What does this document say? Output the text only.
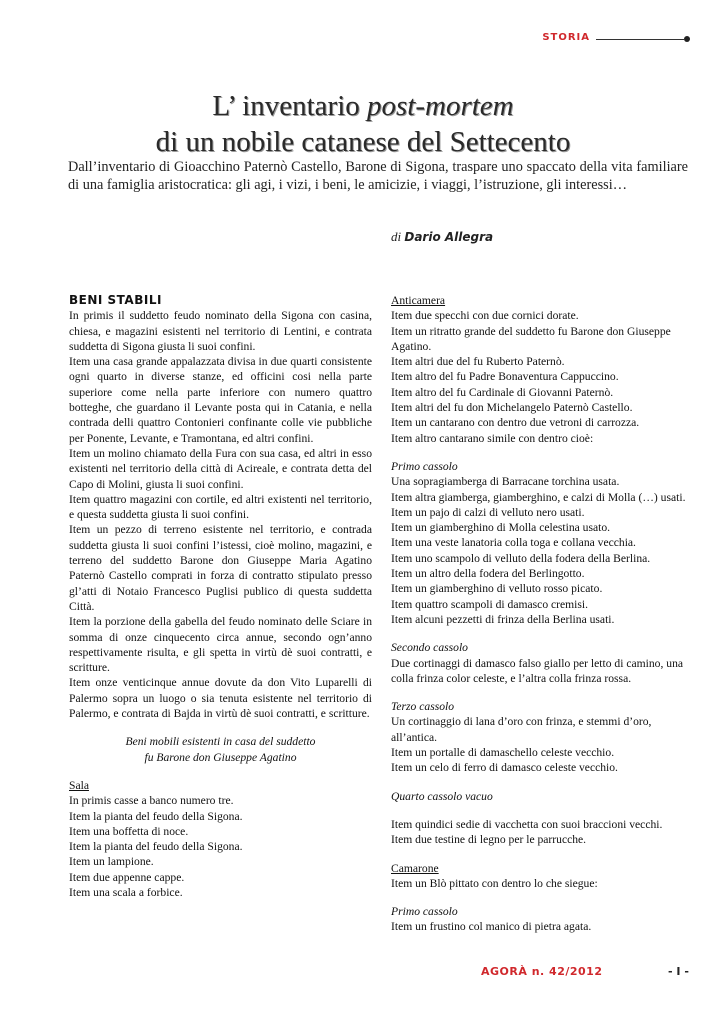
STORIA
L’ inventario post-mortem
di un nobile catanese del Settecento

Dall’inventario di Gioacchino Paternò Castello, Barone di Sigona, traspare uno spaccato della vita familiare di una famiglia aristocratica: gli agi, i vizi, i beni, le amicizie, i viaggi, l’istruzione, gli interessi…

di Dario Allegra

BENI STABILI

In primis il suddetto feudo nominato della Sigona con casina, chiesa, e magazini esistenti nel territorio di Lentini, e contrata suddetta di Sigona giusta li suoi confini.

Item una casa grande appalazzata divisa in due quarti consistente ogni quarto in diverse stanze, ed officini cosi nella parte superiore come nella parte inferiore con numero quattro botteghe, che guardano il Levante posta qui in Catania, e nella contrada delli quattro Contonieri confinante colle vie pubbliche per Ponente, Levante, e Tramontana, ed altri confini.

Item un molino chiamato della Fura con sua casa, ed altri in esso existenti nel territorio della città di Acireale, e contrata detta del Capo di Molini, giusta li suoi confini.

Item quattro magazini con cortile, ed altri existenti nel territorio, e questa suddetta giusta li suoi confini.

Item un pezzo di terreno esistente nel territorio, e contrada suddetta giusta li suoi confini l’istessi, cioè molino, magazini, e terreno del suddetto Barone don Giuseppe Maria Agatino Paternò Castello comprati in forza di contratto stipulato presso gl’atti di Notaio Francesco Puglisi publico di questa suddetta Città.

Item la porzione della gabella del feudo nominato delle Sciare in somma di onze cinquecento circa annue, secondo ogn’anno respettivamente risulta, e gli spetta in virtù dè suoi contratti, e scritture.

Item onze venticinque annue dovute da don Vito Luparelli di Palermo sopra un luogo o sia tenuta esistente nel territorio di Palermo, e contrata di Bajda in virtù dè suoi contratti, e scritture.

Beni mobili esistenti in casa del suddetto

fu Barone don Giuseppe Agatino

Sala

In primis casse a banco numero tre.

Item la pianta del feudo della Sigona.

Item una boffetta di noce.

Item la pianta del feudo della Sigona.

Item un lampione.

Item due appenne cappe.

Item una scala a forbice.

Anticamera

Item due specchi con due cornici dorate.

Item un ritratto grande del suddetto fu Barone don Giuseppe Agatino.

Item altri due del fu Ruberto Paternò.

Item altro del fu Padre Bonaventura Cappuccino.

Item altro del fu Cardinale di Giovanni Paternò.

Item altri del fu don Michelangelo Paternò Castello.

Item un cantarano con dentro due vetroni di carrozza.

Item altro cantarano simile con dentro cioè:

Primo cassolo

Una sopragiamberga di Barracane torchina usata.

Item altra giamberga, giamberghino, e calzi di Molla (…) usati.

Item un pajo di calzi di velluto nero usati.

Item un giamberghino di Molla celestina usato.

Item una veste lanatoria colla toga e collana vecchia.

Item uno scampolo di velluto della fodera della Berlina.

Item un altro della fodera del Berlingotto.

Item un giamberghino di velluto rosso picato.

Item quattro scampoli di damasco cremisi.

Item alcuni pezzetti di frinza della Berlina usati.

Secondo cassolo

Due cortinaggi di damasco falso giallo per letto di camino, una colla frinza color celeste, e l’altra colla frinza rossa.

Terzo cassolo

Un cortinaggio di lana d’oro con frinza, e stemmi d’oro, all’antica.

Item un portalle di damaschello celeste vecchio.

Item un celo di ferro di damasco celeste vecchio.

Quarto cassolo vacuo

Item quindici sedie di vacchetta con suoi braccioni vecchi.

Item due testine di legno per le parrucche.

Camarone

Item un Blò pittato con dentro lo che siegue:

Primo cassolo

Item un frustino col manico di pietra agata.

AGORÀ n. 42/2012	- I -
